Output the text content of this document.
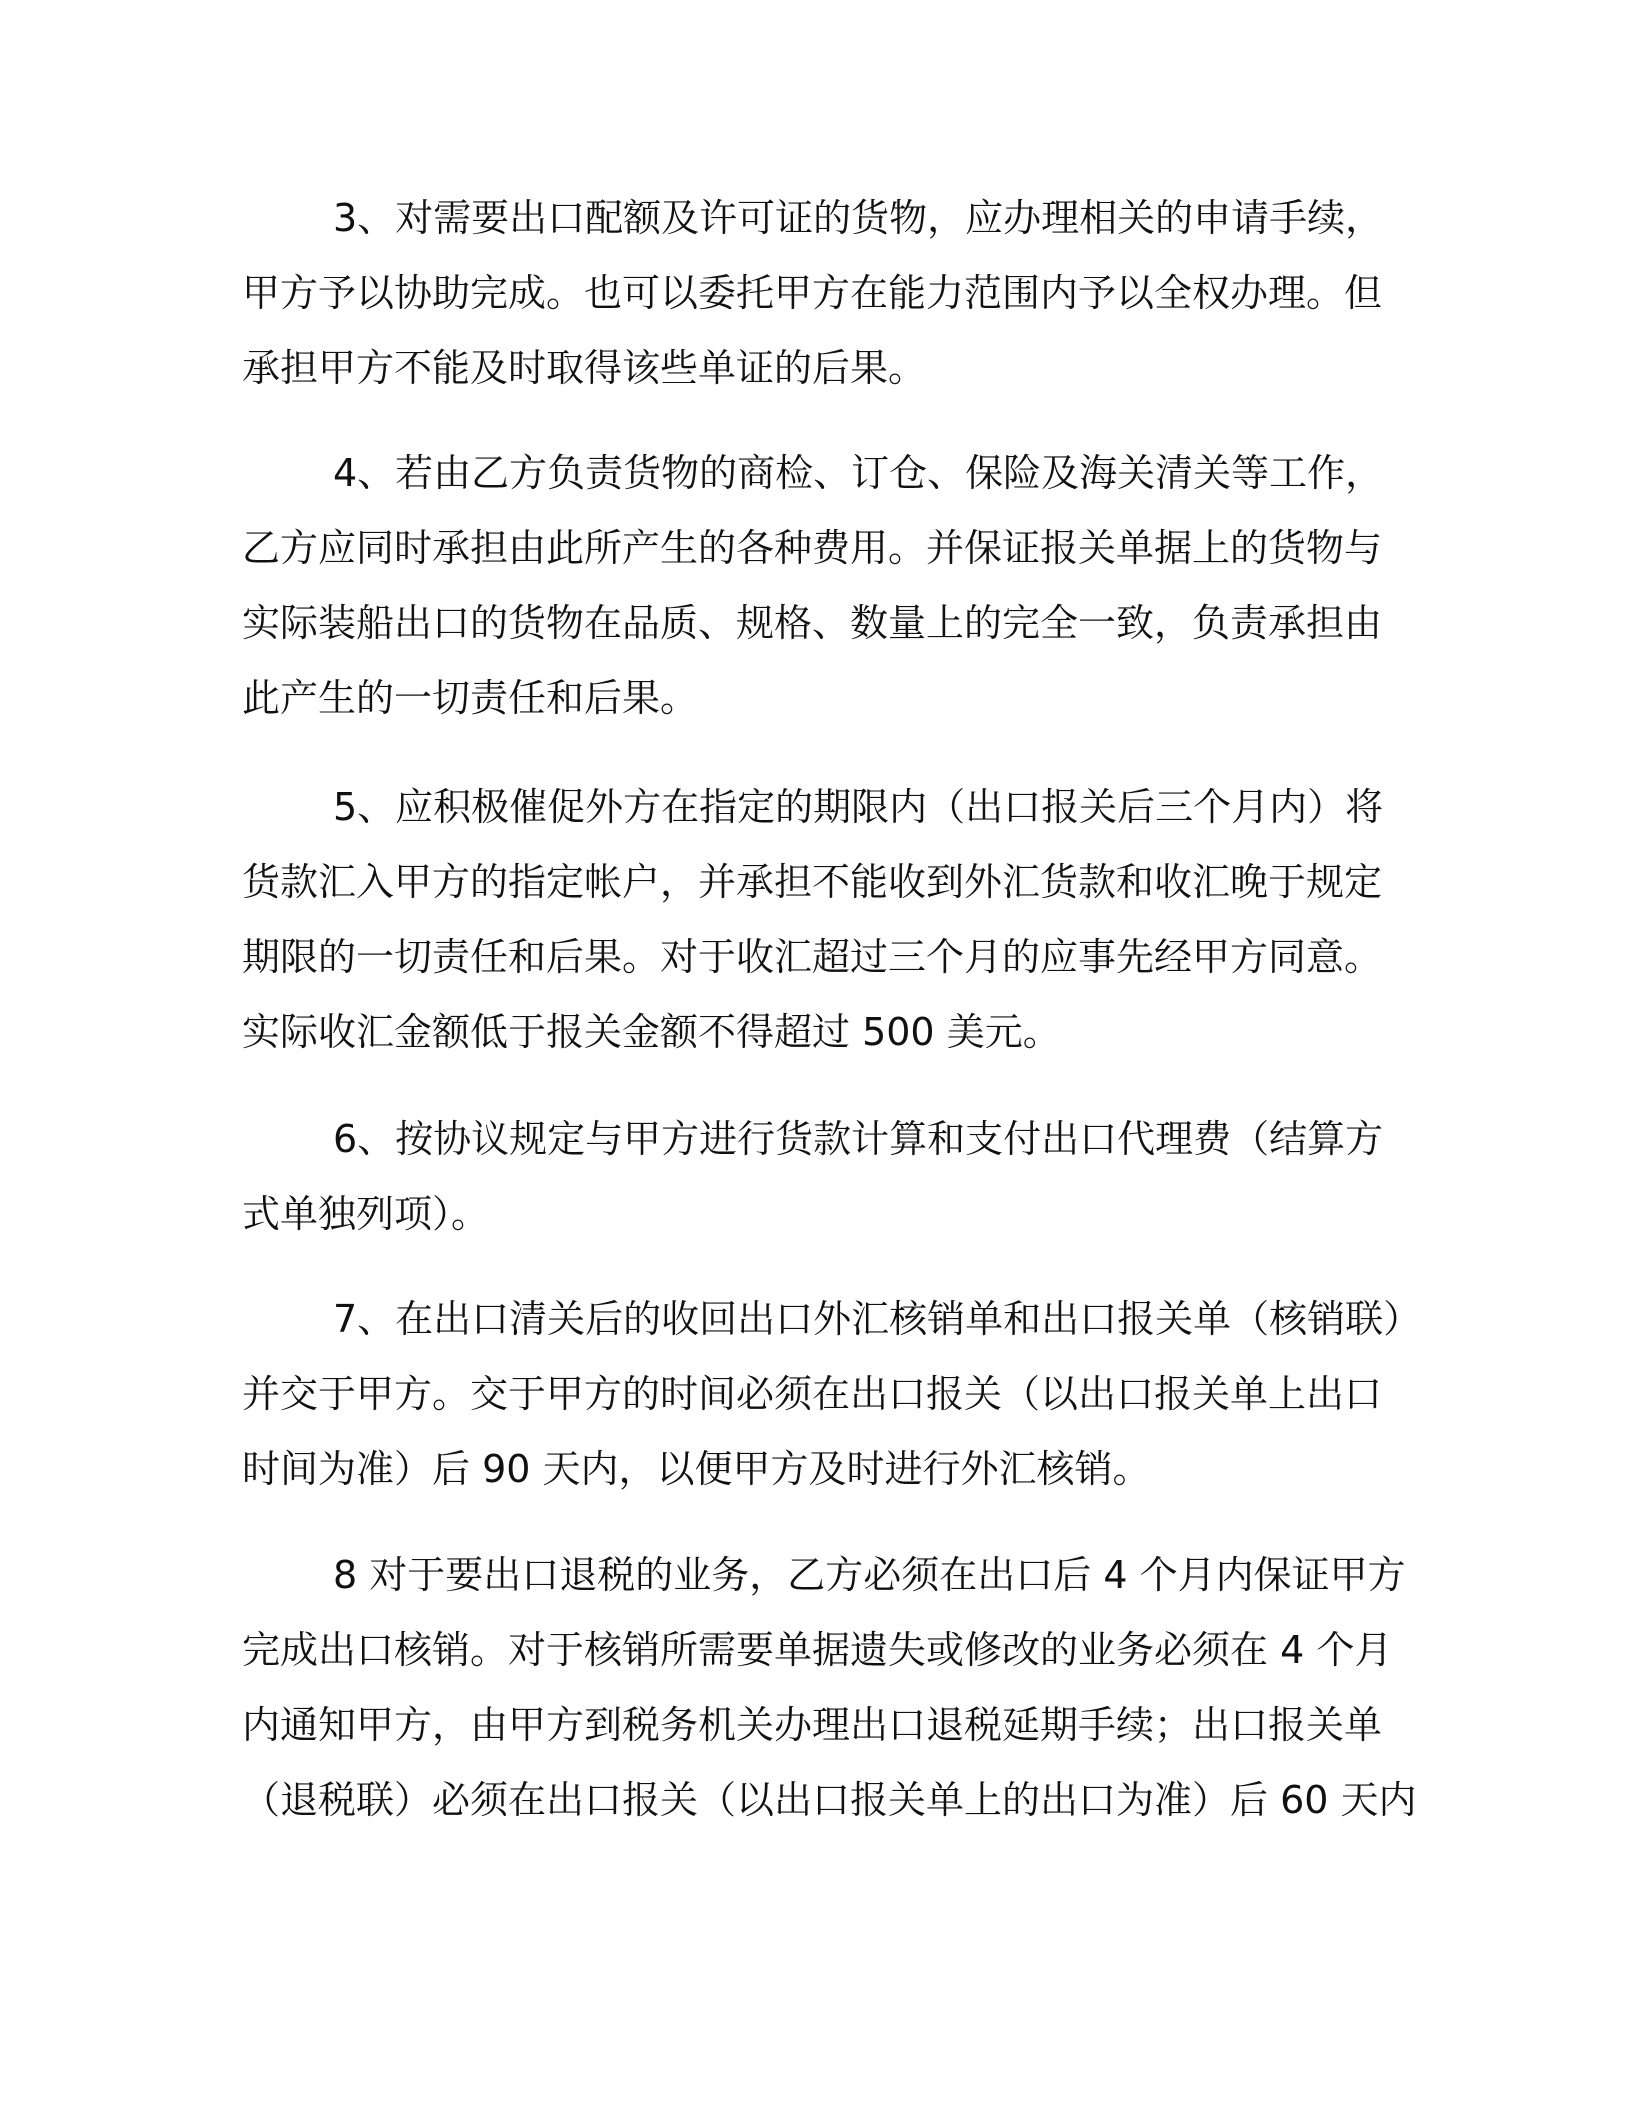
3、对需要出口配额及许可证的货物，应办理相关的申请手续，
甲方予以协助完成。也可以委托甲方在能力范围内予以全权办理。但
承担甲方不能及时取得该些单证的后果。
4、若由乙方负责货物的商检、订仓、保险及海关清关等工作，
乙方应同时承担由此所产生的各种费用。并保证报关单据上的货物与
实际装船出口的货物在品质、规格、数量上的完全一致，负责承担由
此产生的一切责任和后果。
5、应积极催促外方在指定的期限内（出口报关后三个月内）将
货款汇入甲方的指定帐户，并承担不能收到外汇货款和收汇晚于规定
期限的一切责任和后果。对于收汇超过三个月的应事先经甲方同意。
实际收汇金额低于报关金额不得超过 500 美元。
6、按协议规定与甲方进行货款计算和支付出口代理费（结算方
式单独列项）。
7、在出口清关后的收回出口外汇核销单和出口报关单（核销联）
并交于甲方。交于甲方的时间必须在出口报关（以出口报关单上出口
时间为准）后 90 天内，以便甲方及时进行外汇核销。
8 对于要出口退税的业务，乙方必须在出口后 4 个月内保证甲方
完成出口核销。对于核销所需要单据遗失或修改的业务必须在 4 个月
内通知甲方，由甲方到税务机关办理出口退税延期手续；出口报关单
（退税联）必须在出口报关（以出口报关单上的出口为准）后 60 天内
